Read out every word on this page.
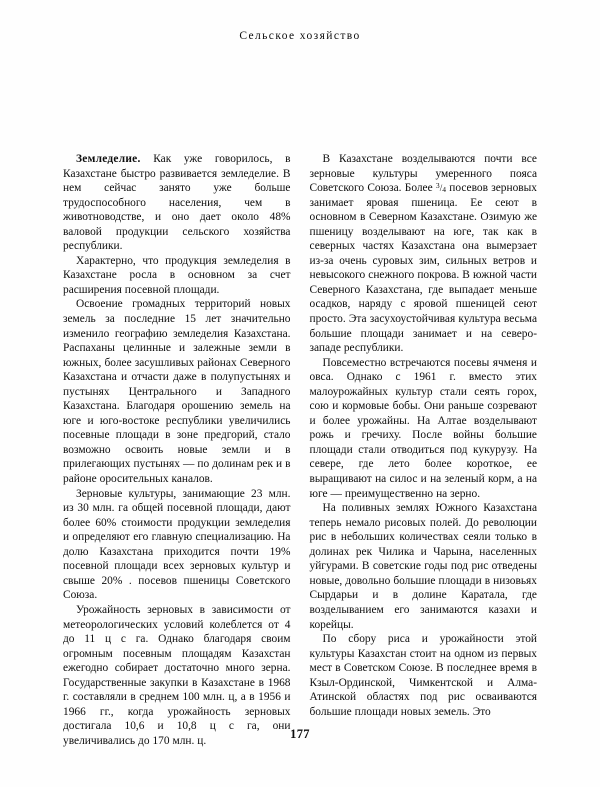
Сельское хозяйство

Земледелие. Как уже говорилось, в Казахстане быстро развивается земледелие. В нем сейчас занято уже больше трудоспособного населения, чем в животноводстве, и оно дает около 48% валовой продукции сельского хозяйства республики.

Характерно, что продукция земледелия в Казахстане росла в основном за счет расширения посевной площади.

Освоение громадных территорий новых земель за последние 15 лет значительно изменило географию земледелия Казахстана. Распаханы целинные и залежные земли в южных, более засушливых районах Северного Казахстана и отчасти даже в полупустынях и пустынях Центрального и Западного Казахстана. Благодаря орошению земель на юге и юго-востоке республики увеличились посевные площади в зоне предгорий, стало возможно освоить новые земли и в прилегающих пустынях — по долинам рек и в районе оросительных каналов.

Зерновые культуры, занимающие 23 млн. из 30 млн. га общей посевной площади, дают более 60% стоимости продукции земледелия и определяют его главную специализацию. На долю Казахстана приходится почти 19% посевной площади всех зерновых культур и свыше 20% . посевов пшеницы Советского Союза.

Урожайность зерновых в зависимости от метеорологических условий колеблется от 4 до 11 ц с га. Однако благодаря своим огромным посевным площадям Казахстан ежегодно собирает достаточно много зерна. Государственные закупки в Казахстане в 1968 г. составляли в среднем 100 млн. ц, а в 1956 и 1966 гг., когда урожайность зерновых достигала 10,6 и 10,8 ц с га, они увеличивались до 170 млн. ц.

В Казахстане возделываются почти все зерновые культуры умеренного пояса Советского Союза. Более $^3/_4$ посевов зерновых занимает яровая пшеница. Ее сеют в основном в Северном Казахстане. Озимую же пшеницу возделывают на юге, так как в северных частях Казахстана она вымерзает из-за очень суровых зим, сильных ветров и невысокого снежного покрова. В южной части Северного Казахстана, где выпадает меньше осадков, наряду с яровой пшеницей сеют просто. Эта засухоустойчивая культура весьма большие площади занимает и на северо-западе республики.

Повсеместно встречаются посевы ячменя и овса. Однако с 1961 г. вместо этих малоурожайных культур стали сеять горох, сою и кормовые бобы. Они раньше созревают и более урожайны. На Алтае возделывают рожь и гречиху. После войны большие площади стали отводиться под кукурузу. На севере, где лето более короткое, ее выращивают на силос и на зеленый корм, а на юге — преимущественно на зерно.

На поливных землях Южного Казахстана теперь немало рисовых полей. До революции рис в небольших количествах сеяли только в долинах рек Чилика и Чарына, населенных уйгурами. В советские годы под рис отведены новые, довольно большие площади в низовьях Сырдарьи и в долине Каратала, где возделыванием его занимаются казахи и корейцы.

По сбору риса и урожайности этой культуры Казахстан стоит на одном из первых мест в Советском Союзе. В последнее время в Кзыл-Ординской, Чимкентской и Алма-Атинской областях под рис осваиваются большие площади новых земель. Это

177
